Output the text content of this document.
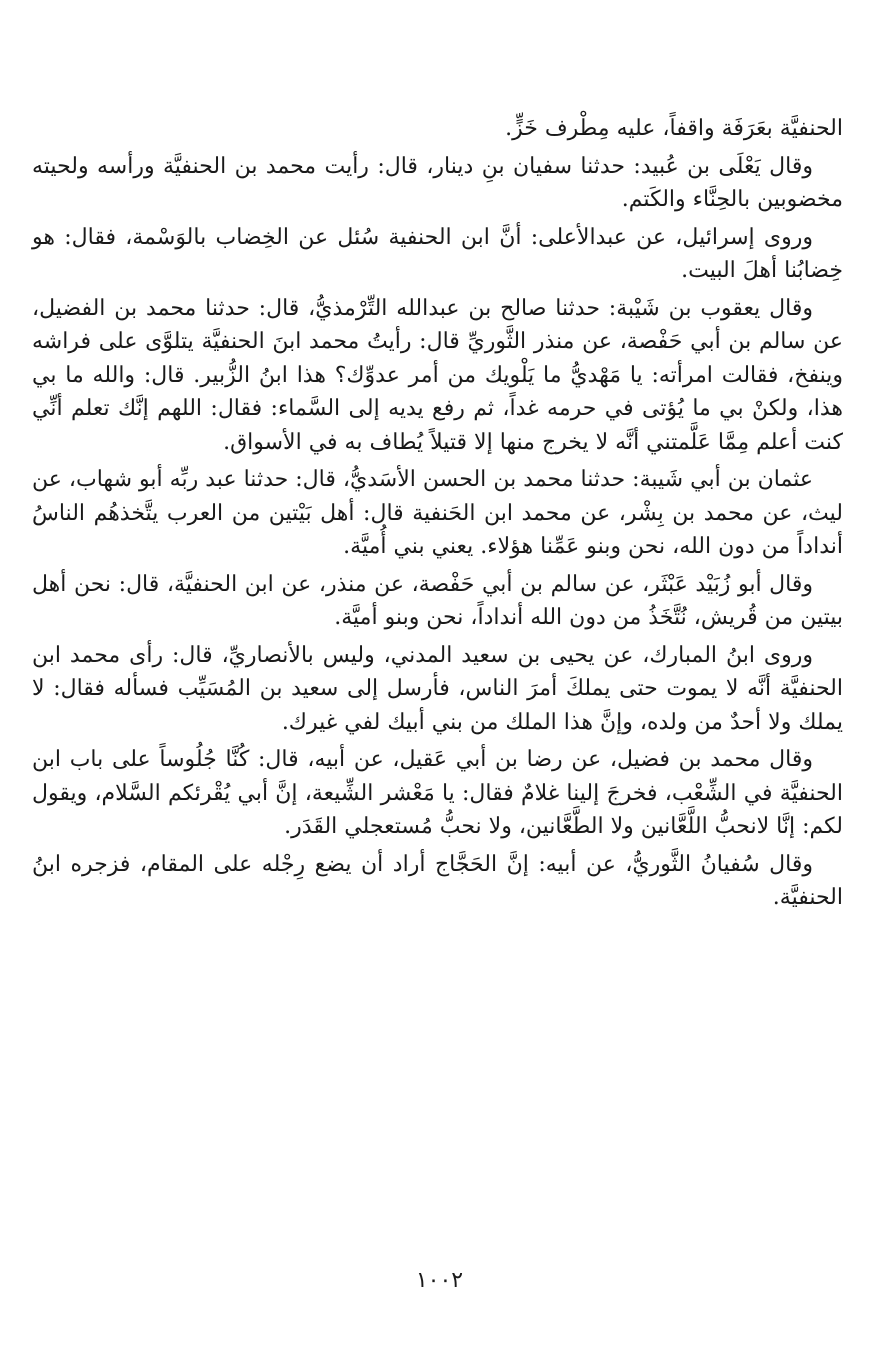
الحنفيَّة بعَرَفَة واقفاً، عليه مِطْرف خَزٍّ.

وقال يَعْلَى بن عُبيد: حدثنا سفيان بنِ دينار، قال: رأيت محمد بن الحنفيَّة ورأسه ولحيته مخضوبين بالحِنَّاء والكَتم.

وروى إسرائيل، عن عبدالأعلى: أنَّ ابن الحنفية سُئل عن الخِضاب بالوَسْمة، فقال: هو خِضابُنا أهلَ البيت.

وقال يعقوب بن شَيْبة: حدثنا صالح بن عبدالله التِّرْمذيُّ، قال: حدثنا محمد بن الفضيل، عن سالم بن أبي حَفْصة، عن منذر الثَّوريِّ قال: رأيتُ محمد ابنَ الحنفيَّة يتلوَّى على فراشه وينفخ، فقالت امرأته: يا مَهْديُّ ما يَلْويك من أمر عدوِّك؟ هذا ابنُ الزُّبير. قال: والله ما بي هذا، ولكنْ بي ما يُؤتى في حرمه غداً، ثم رفع يديه إلى السَّماء: فقال: اللهم إنَّك تعلم أنِّي كنت أعلم مِمَّا عَلَّمتني أنَّه لا يخرج منها إلا قتيلاً يُطاف به في الأسواق.

عثمان بن أبي شَيبة: حدثنا محمد بن الحسن الأسَديُّ، قال: حدثنا عبد ربِّه أبو شهاب، عن ليث، عن محمد بن بِشْر، عن محمد ابن الحَنفية قال: أهل بَيْتين من العرب يتَّخذهُم الناسُ أنداداً من دون الله، نحن وبنو عَمِّنا هؤلاء. يعني بني أُميَّة.

وقال أبو زُبَيْد عَبْثَر، عن سالم بن أبي حَفْصة، عن منذر، عن ابن الحنفيَّة، قال: نحن أهل بيتين من قُريش، نُتَّخَذُ من دون الله أنداداً، نحن وبنو أميَّة.

وروى ابنُ المبارك، عن يحيى بن سعيد المدني، وليس بالأنصاريِّ، قال: رأى محمد ابن الحنفيَّة أنَّه لا يموت حتى يملكَ أمرَ الناس، فأرسل إلى سعيد بن المُسَيِّب فسأله فقال: لا يملك ولا أحدٌ من ولده، وإنَّ هذا الملك من بني أبيك لفي غيرك.

وقال محمد بن فضيل، عن رضا بن أبي عَقيل، عن أبيه، قال: كُنَّا جُلُوساً على باب ابن الحنفيَّة في الشِّعْب، فخرجَ إلينا غلامٌ فقال: يا مَعْشر الشِّيعة، إنَّ أبي يُقْرئكم السَّلام، ويقول لكم: إنَّا لانحبُّ اللَّعَّانين ولا الطَّعَّانين، ولا نحبُّ مُستعجلي القَدَر.

وقال سُفيانُ الثَّوريُّ، عن أبيه: إنَّ الحَجَّاج أراد أن يضع رِجْله على المقام، فزجره ابنُ الحنفيَّة.

١٠٠٢
